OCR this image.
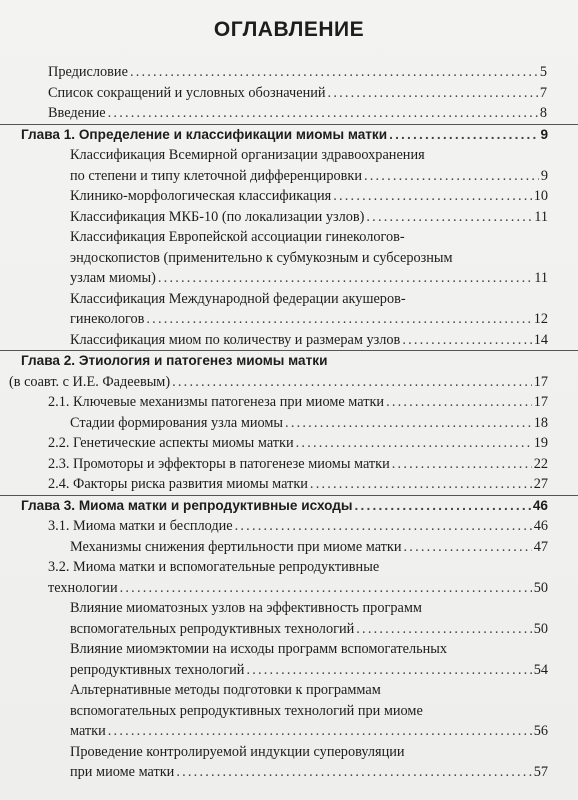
ОГЛАВЛЕНИЕ
Предисловие .....	5
Список сокращений и условных обозначений .....	7
Введение .....	8
Глава 1. Определение и классификации миомы матки .....	9
Классификация Всемирной организации здравоохранения
по степени и типу клеточной дифференцировки .....	9
Клинико-морфологическая классификация .....	10
Классификация МКБ-10 (по локализации узлов) .....	11
Классификация Европейской ассоциации гинекологов-
эндоскопистов (применительно к субмукозным и субсерозным
узлам миомы) .....	11
Классификация Международной федерации акушеров-
гинекологов .....	12
Классификация миом по количеству и размерам узлов .....	14
Глава 2. Этиология и патогенез миомы матки
(в соавт. с И.Е. Фадеевым) .....	17
2.1. Ключевые механизмы патогенеза при миоме матки .....	17
Стадии формирования узла миомы .....	18
2.2. Генетические аспекты миомы матки .....	19
2.3. Промоторы и эффекторы в патогенезе миомы матки .....	22
2.4. Факторы риска развития миомы матки .....	27
Глава 3. Миома матки и репродуктивные исходы .....	46
3.1. Миома матки и бесплодие .....	46
Механизмы снижения фертильности при миоме матки .....	47
3.2. Миома матки и вспомогательные репродуктивные
технологии .....	50
Влияние миоматозных узлов на эффективность программ
вспомогательных репродуктивных технологий .....	50
Влияние миомэктомии на исходы программ вспомогательных
репродуктивных технологий .....	54
Альтернативные методы подготовки к программам
вспомогательных репродуктивных технологий при миоме
матки .....	56
Проведение контролируемой индукции суперовуляции
при миоме матки .....	57
